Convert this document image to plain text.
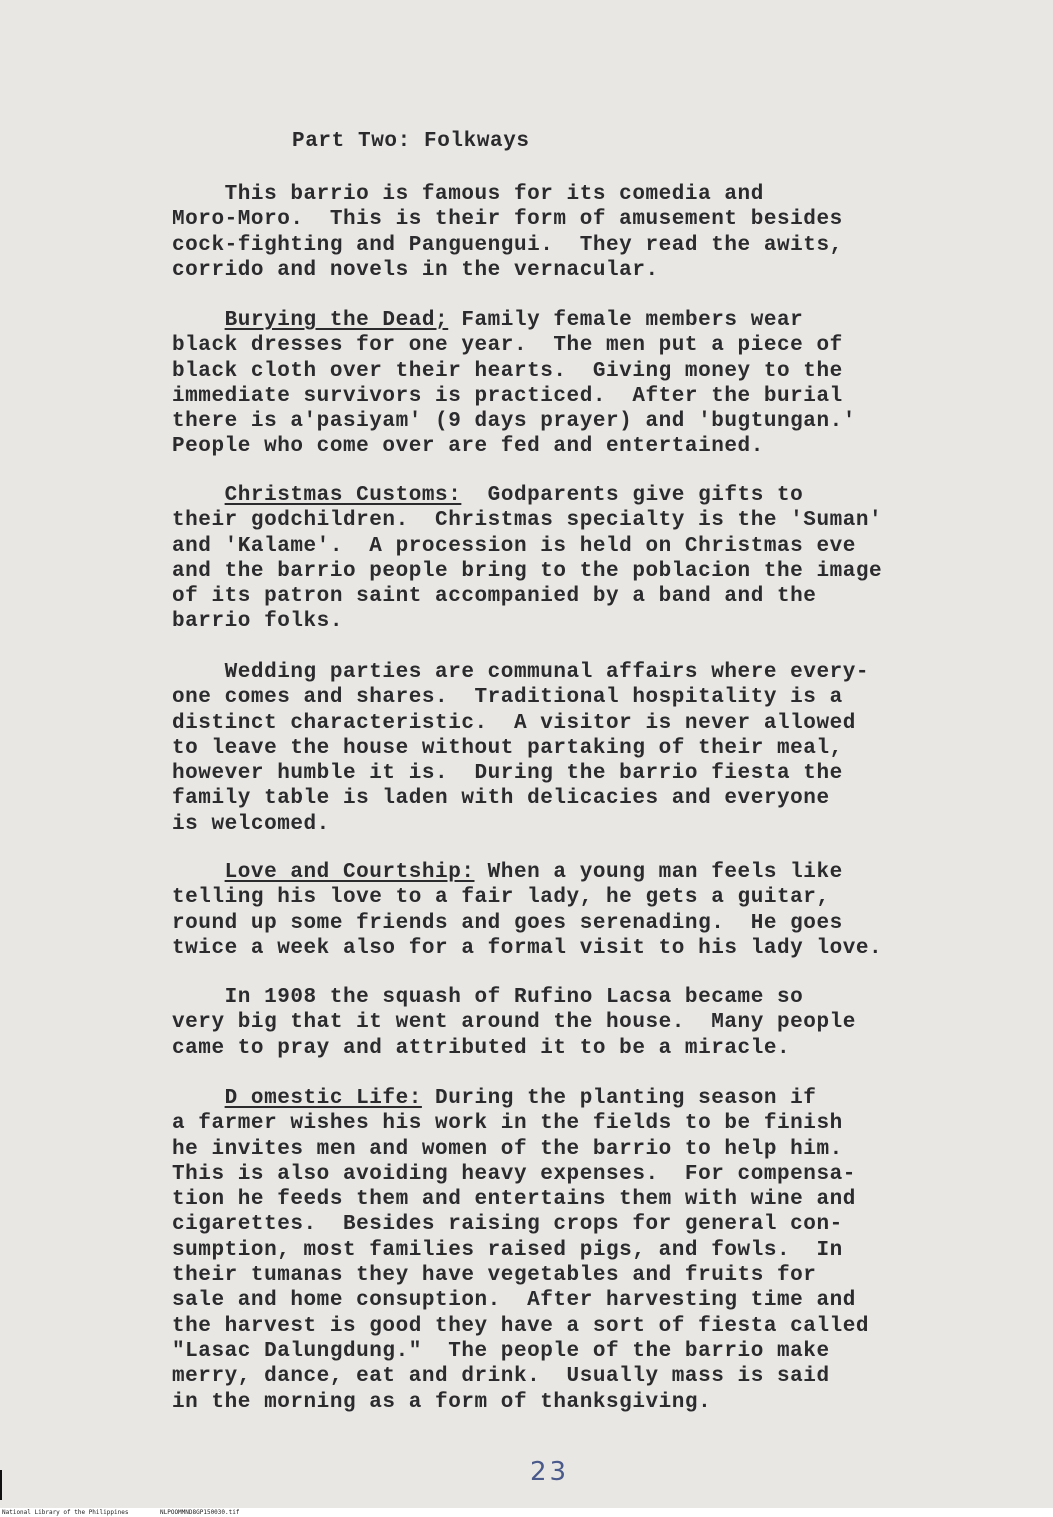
Part Two: Folkways
This barrio is famous for its comedia and
Moro-Moro.  This is their form of amusement besides
cock-fighting and Panguengui.  They read the awits,
corrido and novels in the vernacular.
Burying the Dead; Family female members wear
black dresses for one year.  The men put a piece of
black cloth over their hearts.  Giving money to the
immediate survivors is practiced.  After the burial
there is a'pasiyam' (9 days prayer) and 'bugtungan.'
People who come over are fed and entertained.
Christmas Customs:  Godparents give gifts to
their godchildren.  Christmas specialty is the 'Suman'
and 'Kalame'.  A procession is held on Christmas eve
and the barrio people bring to the poblacion the image
of its patron saint accompanied by a band and the
barrio folks.
Wedding parties are communal affairs where every-
one comes and shares.  Traditional hospitality is a
distinct characteristic.  A visitor is never allowed
to leave the house without partaking of their meal,
however humble it is.  During the barrio fiesta the
family table is laden with delicacies and everyone
is welcomed.
Love and Courtship: When a young man feels like
telling his love to a fair lady, he gets a guitar,
round up some friends and goes serenading.  He goes
twice a week also for a formal visit to his lady love.
In 1908 the squash of Rufino Lacsa became so
very big that it went around the house.  Many people
came to pray and attributed it to be a miracle.
D omestic Life: During the planting season if
a farmer wishes his work in the fields to be finish
he invites men and women of the barrio to help him.
This is also avoiding heavy expenses.  For compensa-
tion he feeds them and entertains them with wine and
cigarettes.  Besides raising crops for general con-
sumption, most families raised pigs, and fowls.  In
their tumanas they have vegetables and fruits for
sale and home consuption.  After harvesting time and
the harvest is good they have a sort of fiesta called
"Lasac Dalungdung."  The people of the barrio make
merry, dance, eat and drink.  Usually mass is said
in the morning as a form of thanksgiving.
23
National Library of the Philippines	NLPOOMMND8GP150030.tif
